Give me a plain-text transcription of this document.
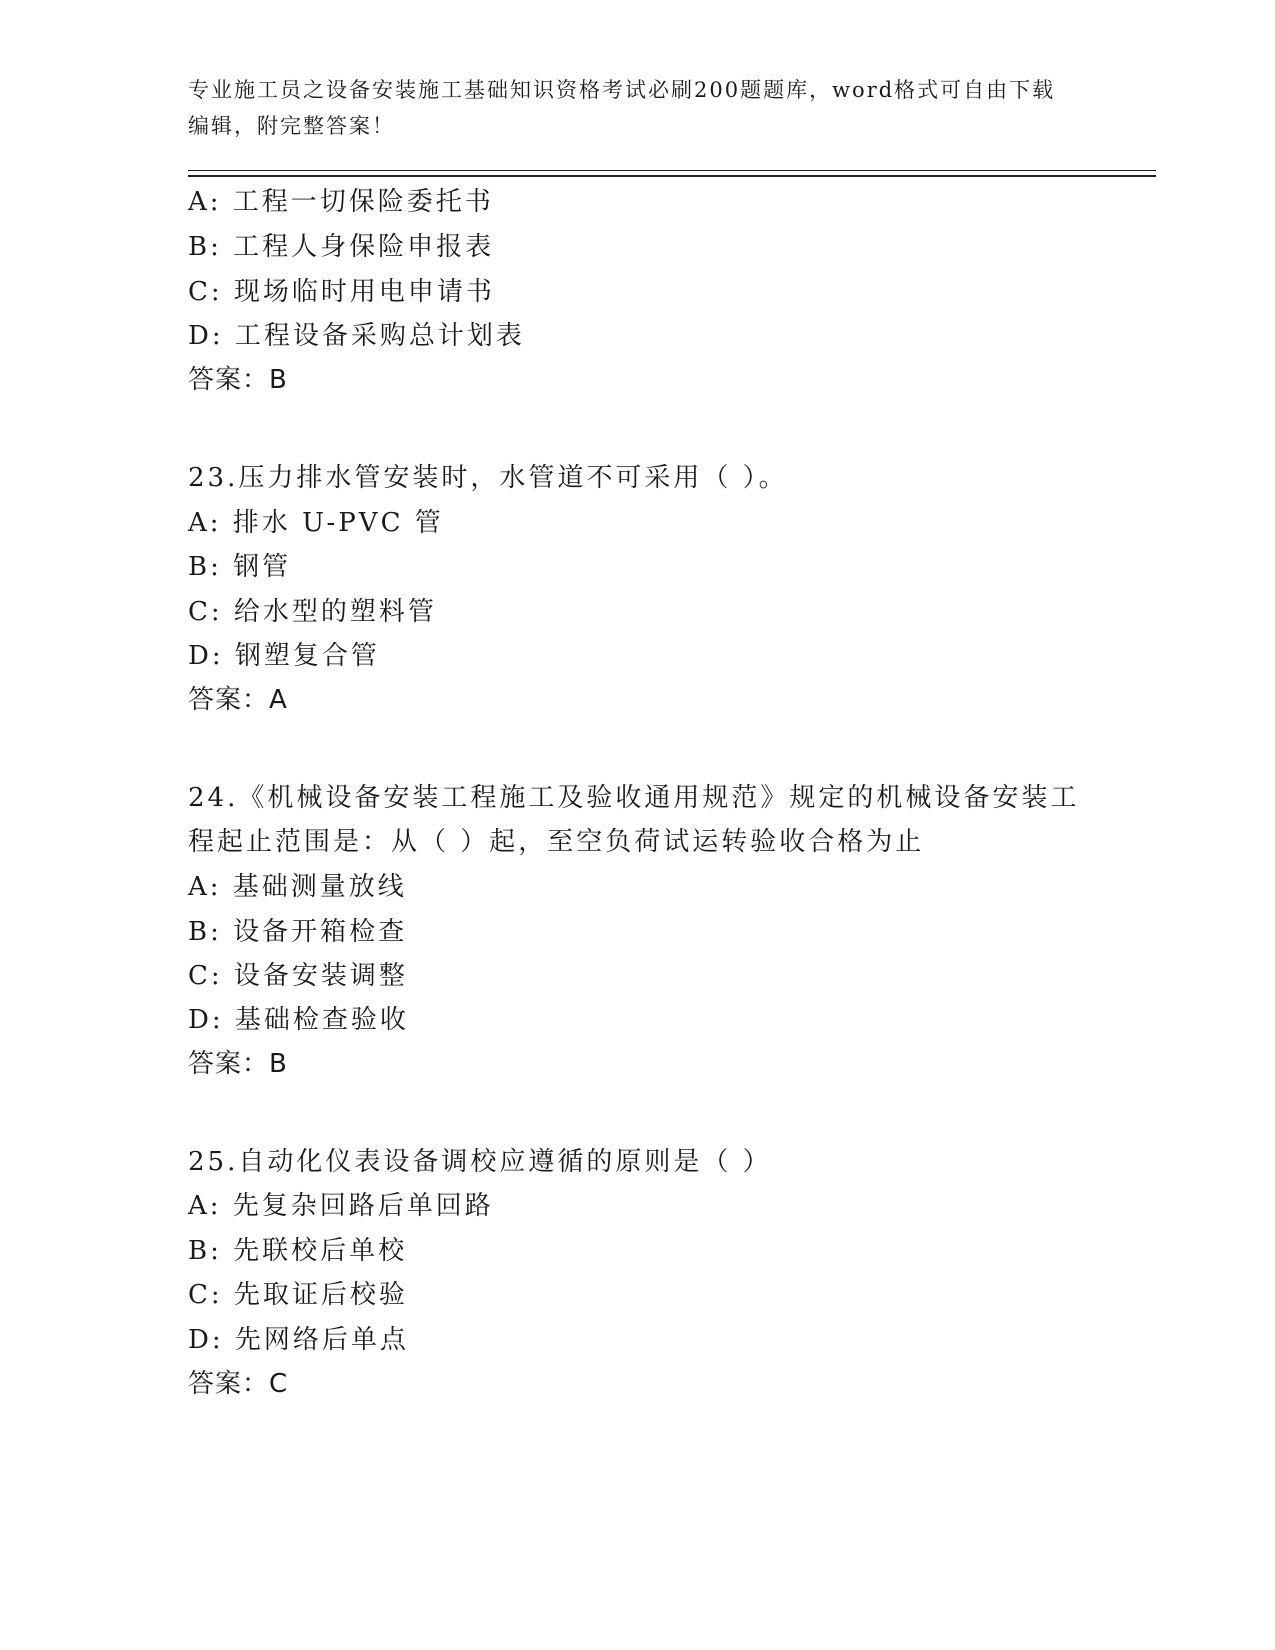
专业施工员之设备安装施工基础知识资格考试必刷200题题库，word格式可自由下载编辑，附完整答案！
A: 工程一切保险委托书
B: 工程人身保险申报表
C: 现场临时用电申请书
D: 工程设备采购总计划表
答案：B
23.压力排水管安装时，水管道不可采用（ ）。
A: 排水 U-PVC 管
B: 钢管
C: 给水型的塑料管
D: 钢塑复合管
答案：A
24.《机械设备安装工程施工及验收通用规范》规定的机械设备安装工
程起止范围是：从（ ）起，至空负荷试运转验收合格为止
A: 基础测量放线
B: 设备开箱检查
C: 设备安装调整
D: 基础检查验收
答案：B
25.自动化仪表设备调校应遵循的原则是（ ）
A: 先复杂回路后单回路
B: 先联校后单校
C: 先取证后校验
D: 先网络后单点
答案：C
